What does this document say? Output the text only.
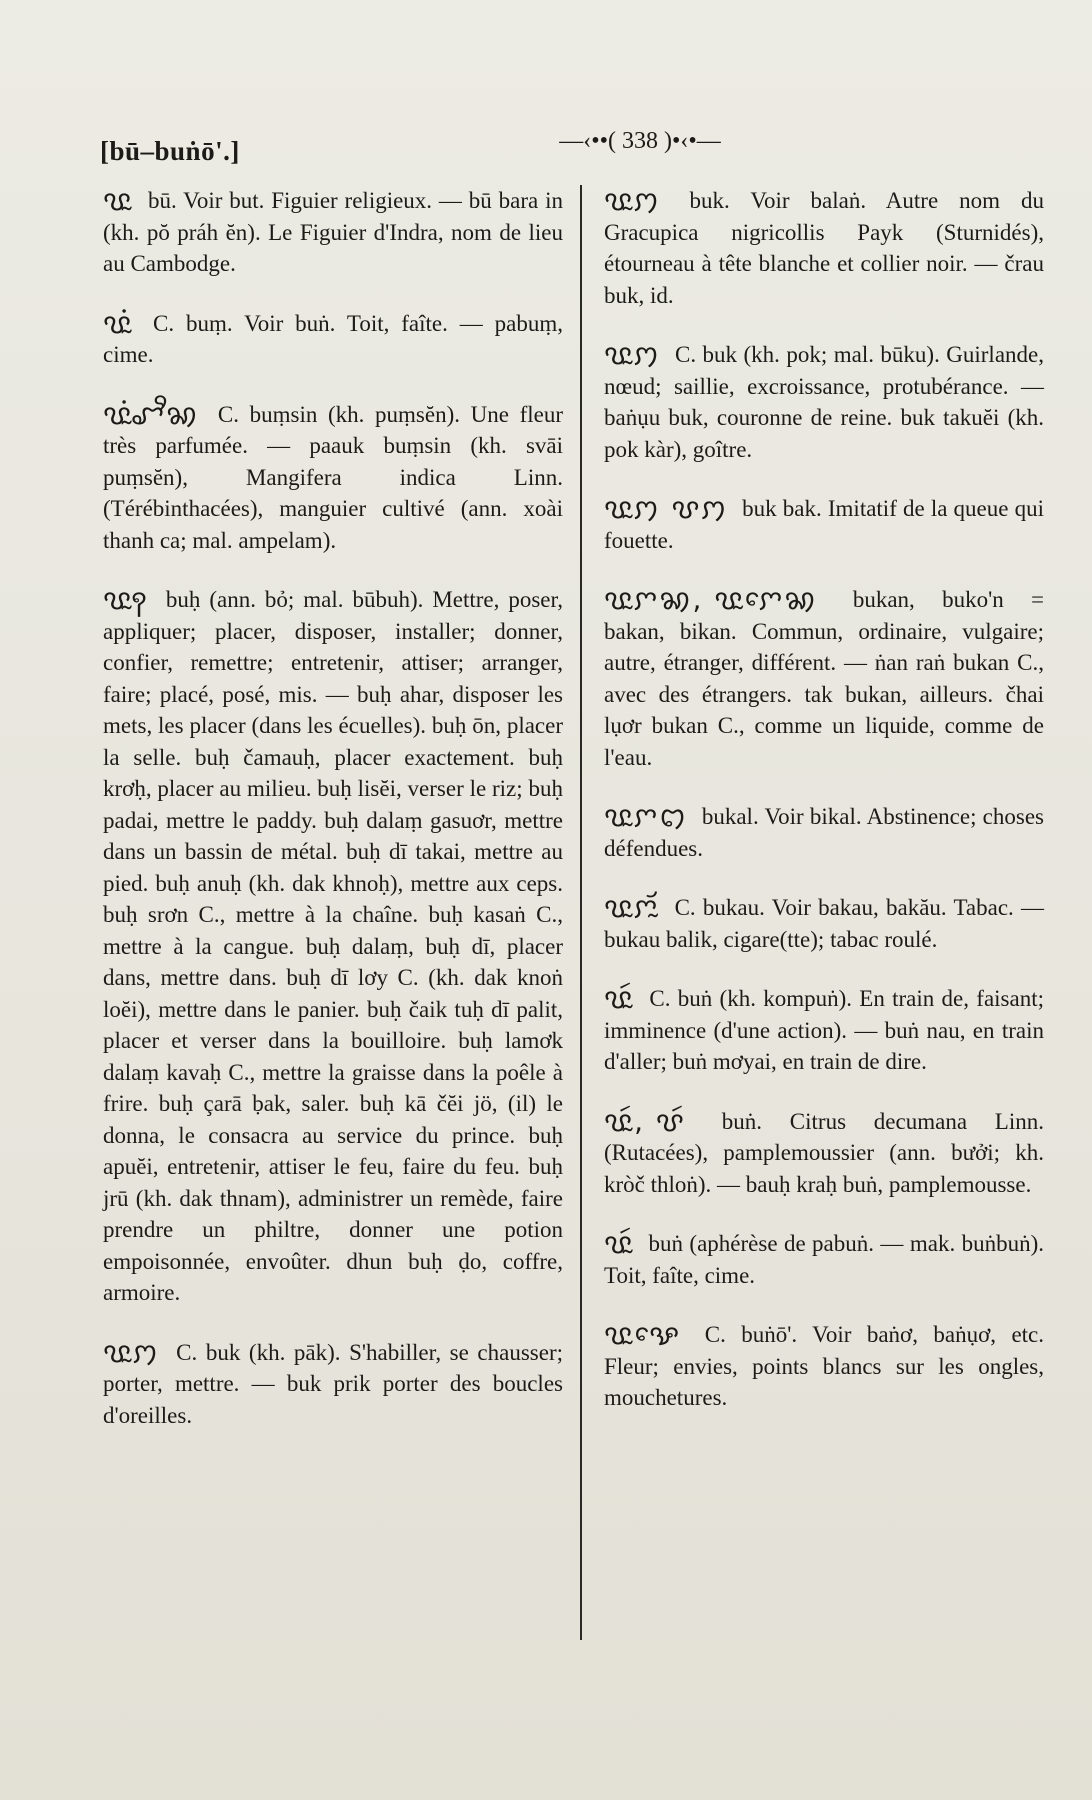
[bū–buṅō'.]	—‹••( 338 )•‹•—
ꨝꨭ bū. Voir but. Figuier religieux. — bū bara in (kh. pŏ práh ĕn). Le Figuier d'Indra, nom de lieu au Cambodge.
ꨝꨭꩌ C. buṃ. Voir buṅ. Toit, faîte. — pabuṃ, cime.
ꨝꨭꩌꨧꨪꩆ C. buṃsin (kh. puṃsĕn). Une fleur très parfumée. — paauk buṃsin (kh. svāi puṃsĕn), Mangifera indica Linn. (Térébinthacées), manguier cultivé (ann. xoài thanh ca; mal. ampelam).
ꨝꨭꩍ buḥ (ann. bỏ; mal. būbuh). Mettre, poser, appliquer; placer, disposer, installer; donner, confier, remettre; entretenir, attiser; arranger, faire; placé, posé, mis. — buḥ ahar, disposer les mets, les placer (dans les écuelles). buḥ ōn, placer la selle. buḥ čamauḥ, placer exactement. buḥ krơḥ, placer au milieu. buḥ lisĕi, verser le riz; buḥ padai, mettre le paddy. buḥ dalaṃ gasuơr, mettre dans un bassin de métal. buḥ dī takai, mettre au pied. buḥ anuḥ (kh. dak khnoḥ), mettre aux ceps. buḥ srơn C., mettre à la chaîne. buḥ kasaṅ C., mettre à la cangue. buḥ dalaṃ, buḥ dī, placer dans, mettre dans. buḥ dī lơy C. (kh. dak knoṅ loĕi), mettre dans le panier. buḥ čaik tuḥ dī palit, placer et verser dans la bouilloire. buḥ lamơk dalaṃ kavaḥ C., mettre la graisse dans la poêle à frire. buḥ çarā ḅak, saler. buḥ kā čĕi jö, (il) le donna, le consacra au service du prince. buḥ apuĕi, entretenir, attiser le feu, faire du feu. buḥ jrū (kh. dak thnam), administrer un remède, faire prendre un philtre, donner une potion empoisonnée, envoûter. dhun buḥ ḍo, coffre, armoire.
ꨝꨭꩀ C. buk (kh. pāk). S'habiller, se chausser; porter, mettre. — buk prik porter des boucles d'oreilles.
ꨝꨭꩀ buk. Voir balaṅ. Autre nom du Gracupica nigricollis Payk (Sturnidés), étourneau à tête blanche et collier noir. — črau buk, id.
ꨝꨭꩀ C. buk (kh. pok; mal. būku). Guirlande, nœud; saillie, excroissance, protubérance. — baṅụu buk, couronne de reine. buk takuĕi (kh. pok kàr), goître.
ꨝꨭꩀ ꨝꩀ buk bak. Imitatif de la queue qui fouette.
ꨝꨭꨆꩆ, ꨝꨭꨆꨯꩆ bukan, buko'n = bakan, bikan. Commun, ordinaire, vulgaire; autre, étranger, différent. — ṅan raṅ bukan C., avec des étrangers. tak bukan, ailleurs. čhai lụơr bukan C., comme un liquide, comme de l'eau.
ꨝꨭꨆꩊ bukal. Voir bikal. Abstinence; choses défendues.
ꨝꨭꨆꨮꨭ C. bukau. Voir bakau, bakău. Tabac. — bukau balik, cigare(tte); tabac roulé.
ꨝꨭꩃ C. buṅ (kh. kompuṅ). En train de, faisant; imminence (d'une action). — buṅ nau, en train d'aller; buṅ mơyai, en train de dire.
ꨝꨭꩃ, ꨝꩃ buṅ. Citrus decumana Linn. (Rutacées), pamplemoussier (ann. bưởi; kh. kròč thloṅ). — bauḥ kraḥ buṅ, pamplemousse.
ꨝꨭꩃ buṅ (aphérèse de pabuṅ. — mak. buṅbuṅ). Toit, faîte, cime.
ꨝꨭꨊꨯ C. buṅō'. Voir baṅơ, baṅụơ, etc. Fleur; envies, points blancs sur les ongles, mouchetures.
